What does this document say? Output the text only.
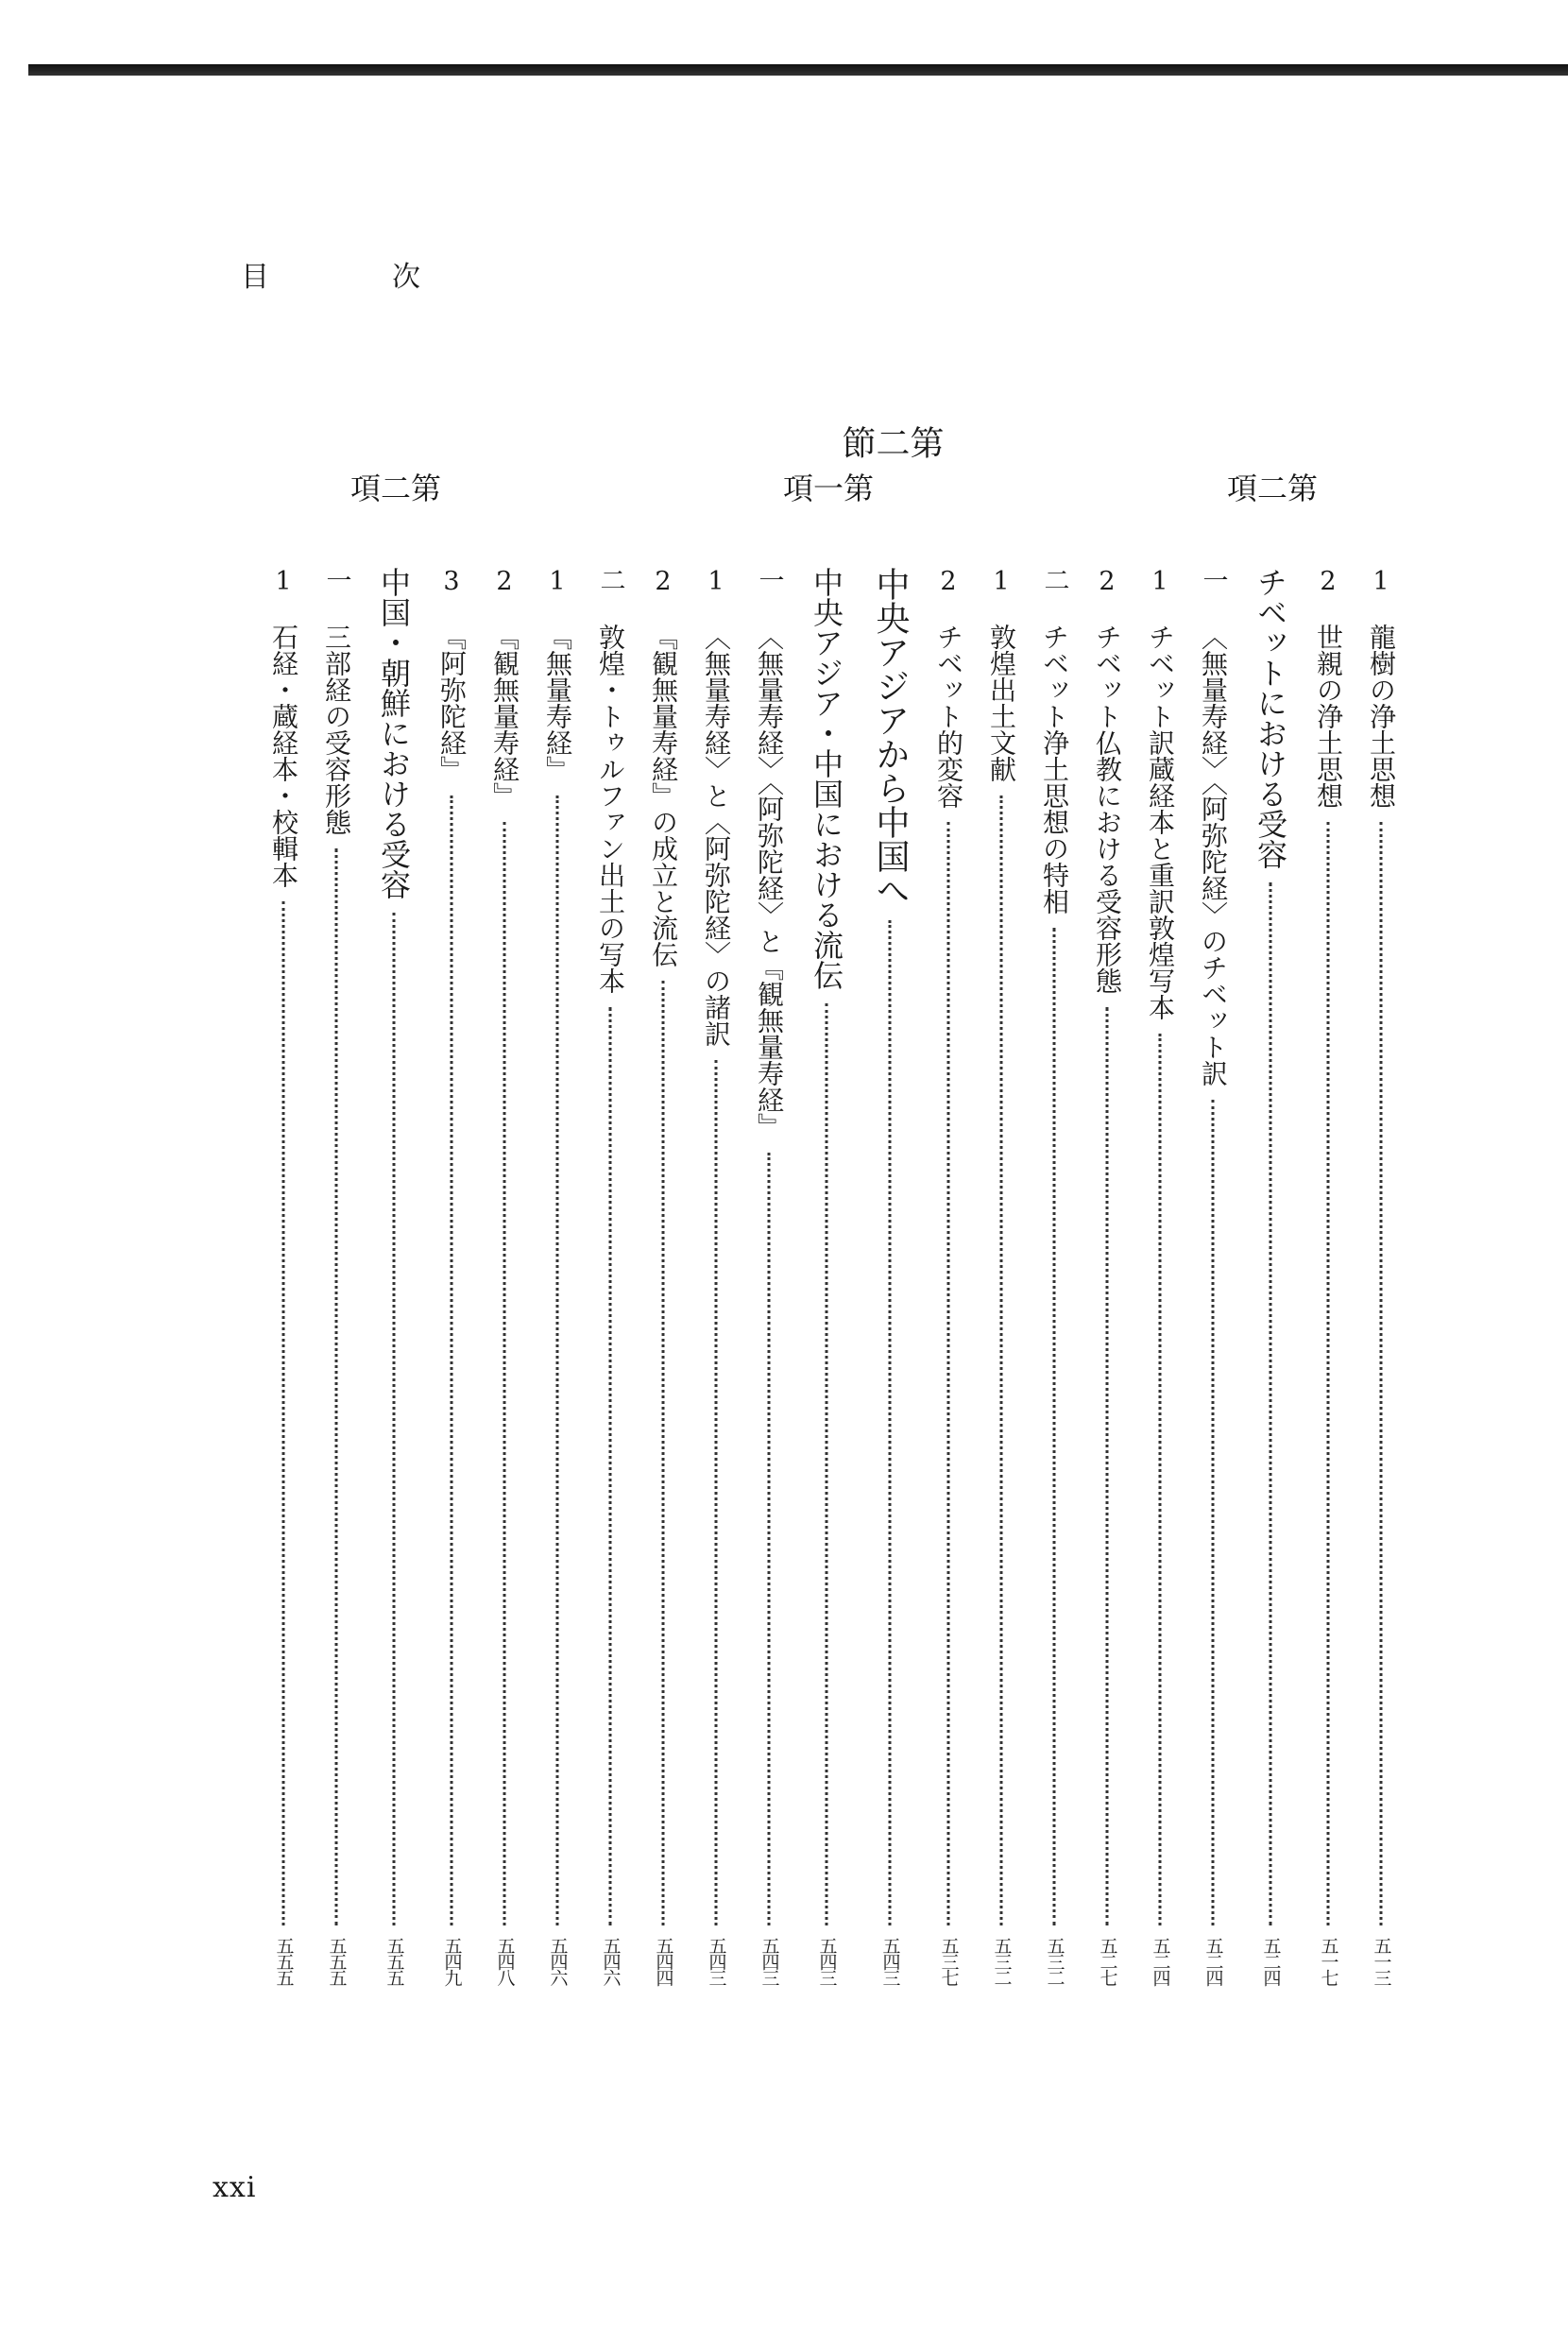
目	次
1
龍樹の浄土思想
五一三
2
世親の浄土思想
五一七
第二項
チベットにおける受容
五二四
一
〈無量寿経〉〈阿弥陀経〉のチベット訳
五二四
1
チベット訳蔵経本と重訳敦煌写本
五二四
2
チベット仏教における受容形態
五二七
二
チベット浄土思想の特相
五三二
1
敦煌出土文献
五三二
2
チベット的変容
五三七
第二節
中央アジアから中国へ
五四三
第一項
中央アジア・中国における流伝
五四三
一
〈無量寿経〉〈阿弥陀経〉と『観無量寿経』
五四三
1
〈無量寿経〉と〈阿弥陀経〉の諸訳
五四三
2
『観無量寿経』の成立と流伝
五四四
二
敦煌・トゥルファン出土の写本
五四六
1
『無量寿経』
五四六
2
『観無量寿経』
五四八
3
『阿弥陀経』
五四九
第二項
中国・朝鮮における受容
五五五
一
三部経の受容形態
五五五
1
石経・蔵経本・校輯本
五五五
xxi
